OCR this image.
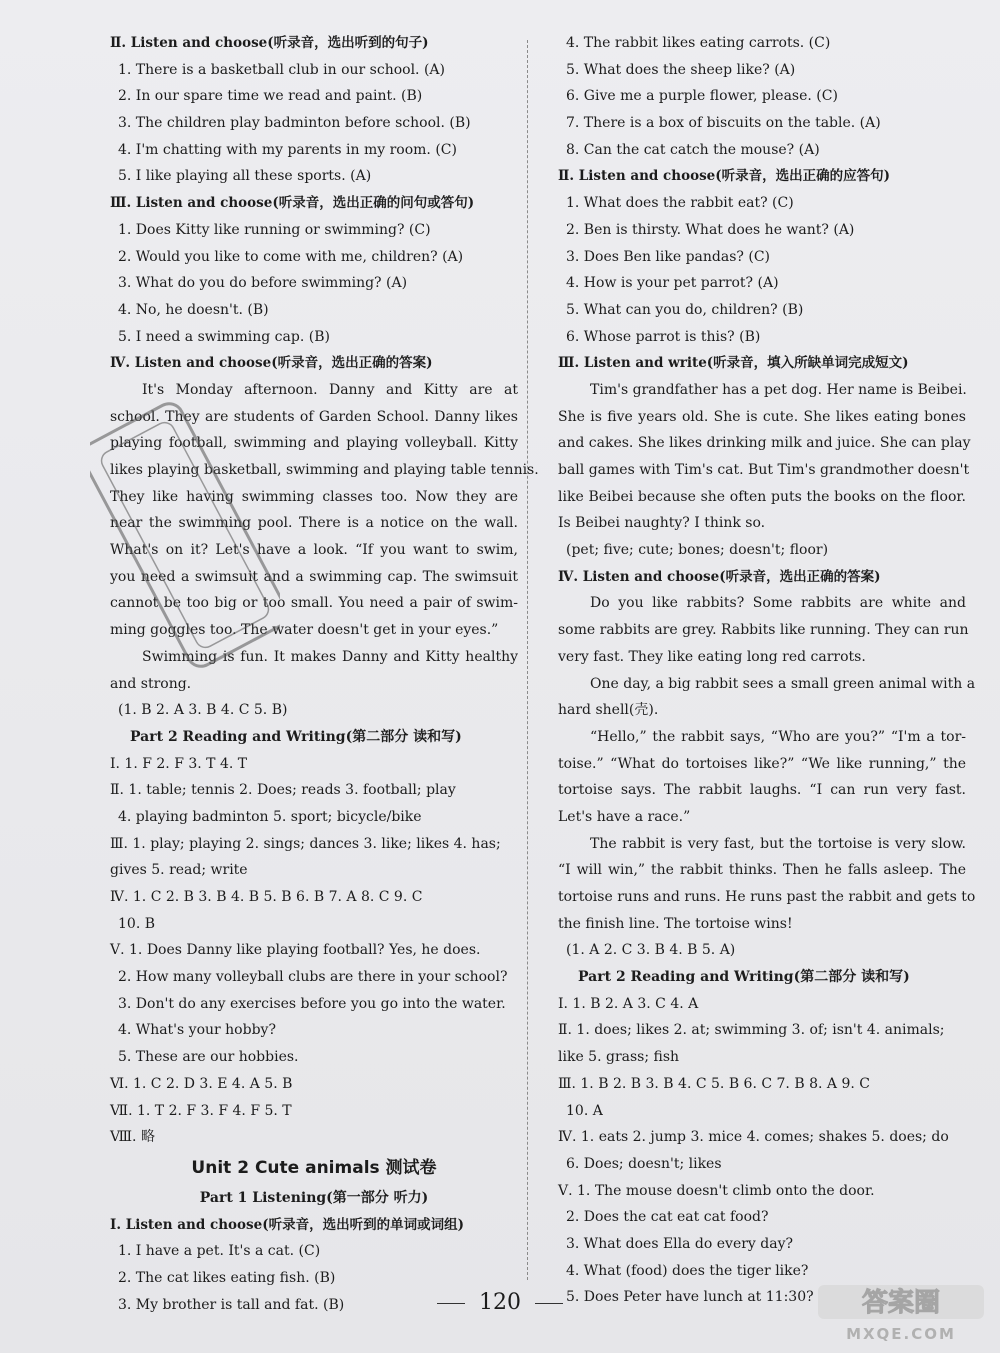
Ⅱ. Listen and choose(听录音，选出听到的句子)
1. There is a basketball club in our school. (A)
2. In our spare time we read and paint. (B)
3. The children play badminton before school. (B)
4. I'm chatting with my parents in my room. (C)
5. I like playing all these sports. (A)
Ⅲ. Listen and choose(听录音，选出正确的问句或答句)
1. Does Kitty like running or swimming? (C)
2. Would you like to come with me, children? (A)
3. What do you do before swimming? (A)
4. No, he doesn't. (B)
5. I need a swimming cap. (B)
Ⅳ. Listen and choose(听录音，选出正确的答案)
It's Monday afternoon. Danny and Kitty are at
school. They are students of Garden School. Danny likes
playing football, swimming and playing volleyball. Kitty
likes playing basketball, swimming and playing table tennis.
They like having swimming classes too. Now they are
near the swimming pool. There is a notice on the wall.
What's on it? Let's have a look. “If you want to swim,
you need a swimsuit and a swimming cap. The swimsuit
cannot be too big or too small. You need a pair of swim-
ming goggles too. The water doesn't get in your eyes.”
Swimming is fun. It makes Danny and Kitty healthy
and strong.
(1. B 2. A 3. B 4. C 5. B)
Part 2 Reading and Writing(第二部分 读和写)
Ⅰ. 1. F 2. F 3. T 4. T
Ⅱ. 1. table; tennis 2. Does; reads 3. football; play
4. playing badminton 5. sport; bicycle/bike
Ⅲ. 1. play; playing 2. sings; dances 3. like; likes 4. has;
gives 5. read; write
Ⅳ. 1. C 2. B 3. B 4. B 5. B 6. B 7. A 8. C 9. C
10. B
Ⅴ. 1. Does Danny like playing football? Yes, he does.
2. How many volleyball clubs are there in your school?
3. Don't do any exercises before you go into the water.
4. What's your hobby?
5. These are our hobbies.
Ⅵ. 1. C 2. D 3. E 4. A 5. B
Ⅶ. 1. T 2. F 3. F 4. F 5. T
Ⅷ. 略
Unit 2 Cute animals 测试卷
Part 1 Listening(第一部分 听力)
Ⅰ. Listen and choose(听录音，选出听到的单词或词组)
1. I have a pet. It's a cat. (C)
2. The cat likes eating fish. (B)
3. My brother is tall and fat. (B)
4. The rabbit likes eating carrots. (C)
5. What does the sheep like? (A)
6. Give me a purple flower, please. (C)
7. There is a box of biscuits on the table. (A)
8. Can the cat catch the mouse? (A)
Ⅱ. Listen and choose(听录音，选出正确的应答句)
1. What does the rabbit eat? (C)
2. Ben is thirsty. What does he want? (A)
3. Does Ben like pandas? (C)
4. How is your pet parrot? (A)
5. What can you do, children? (B)
6. Whose parrot is this? (B)
Ⅲ. Listen and write(听录音，填入所缺单词完成短文)
Tim's grandfather has a pet dog. Her name is Beibei.
She is five years old. She is cute. She likes eating bones
and cakes. She likes drinking milk and juice. She can play
ball games with Tim's cat. But Tim's grandmother doesn't
like Beibei because she often puts the books on the floor.
Is Beibei naughty? I think so.
(pet; five; cute; bones; doesn't; floor)
Ⅳ. Listen and choose(听录音，选出正确的答案)
Do you like rabbits? Some rabbits are white and
some rabbits are grey. Rabbits like running. They can run
very fast. They like eating long red carrots.
One day, a big rabbit sees a small green animal with a
hard shell(壳).
“Hello,” the rabbit says, “Who are you?” “I'm a tor-
toise.” “What do tortoises like?” “We like running,” the
tortoise says. The rabbit laughs. “I can run very fast.
Let's have a race.”
The rabbit is very fast, but the tortoise is very slow.
“I will win,” the rabbit thinks. Then he falls asleep. The
tortoise runs and runs. He runs past the rabbit and gets to
the finish line. The tortoise wins!
(1. A 2. C 3. B 4. B 5. A)
Part 2 Reading and Writing(第二部分 读和写)
Ⅰ. 1. B 2. A 3. C 4. A
Ⅱ. 1. does; likes 2. at; swimming 3. of; isn't 4. animals;
like 5. grass; fish
Ⅲ. 1. B 2. B 3. B 4. C 5. B 6. C 7. B 8. A 9. C
10. A
Ⅳ. 1. eats 2. jump 3. mice 4. comes; shakes 5. does; do
6. Does; doesn't; likes
Ⅴ. 1. The mouse doesn't climb onto the door.
2. Does the cat eat cat food?
3. What does Ella do every day?
4. What (food) does the tiger like?
5. Does Peter have lunch at 11:30?
120	答案圈
MXQE.COM
